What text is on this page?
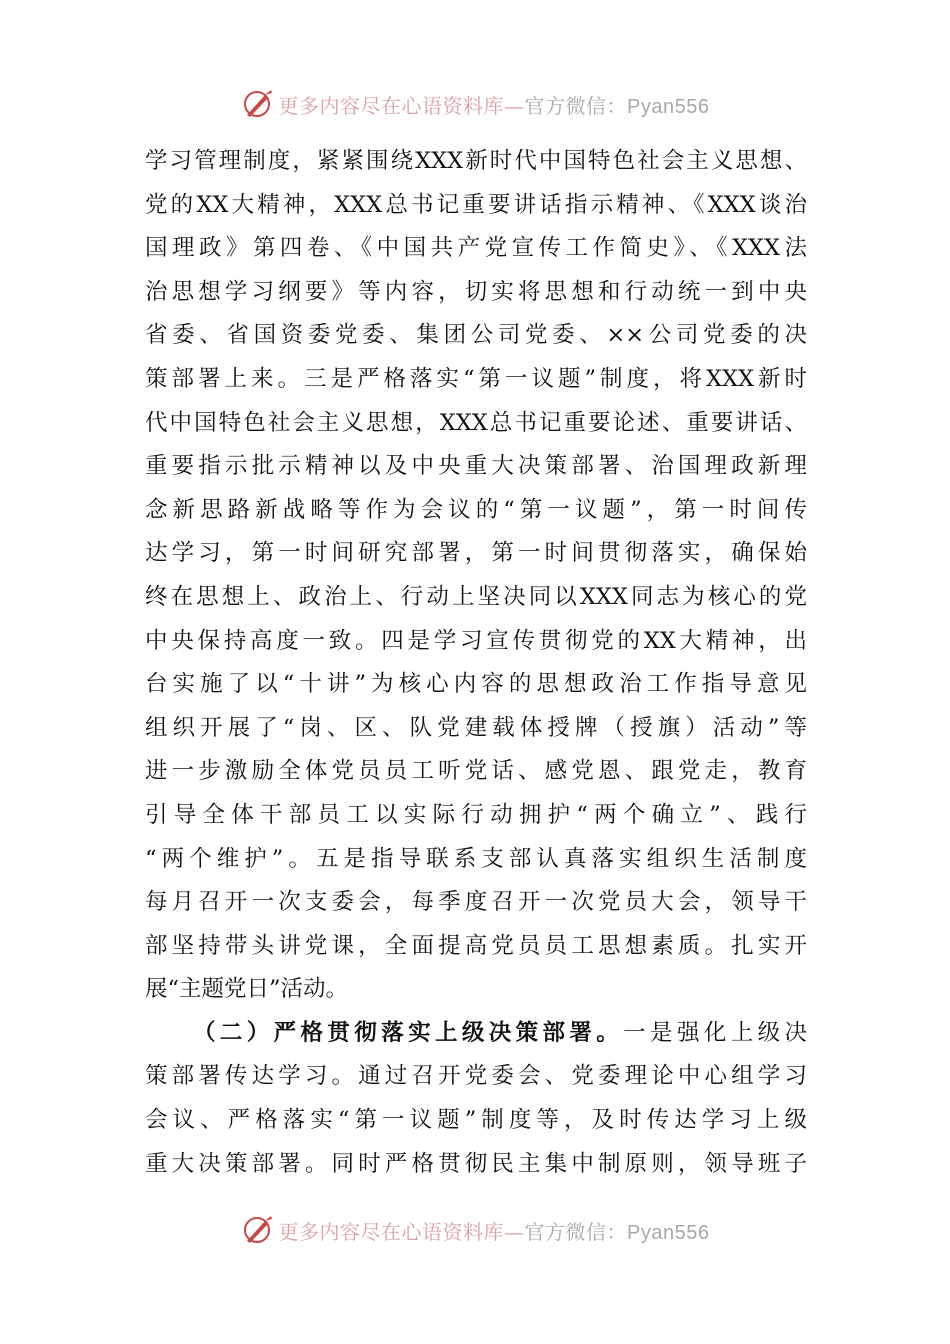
更多内容尽在心语资料库—官方微信：Pyan556
学习管理制度，紧紧围绕XXX新时代中国特色社会主义思想、
党的XX大精神，XXX总书记重要讲话指示精神、《XXX谈治
国理政》第四卷、《中国共产党宣传工作简史》、《XXX法
治思想学习纲要》等内容，切实将思想和行动统一到中央
省委、省国资委党委、集团公司党委、××公司党委的决
策部署上来。三是严格落实“第一议题”制度，将XXX新时
代中国特色社会主义思想，XXX总书记重要论述、重要讲话、
重要指示批示精神以及中央重大决策部署、治国理政新理
念新思路新战略等作为会议的“第一议题”，第一时间传
达学习，第一时间研究部署，第一时间贯彻落实，确保始
终在思想上、政治上、行动上坚决同以XXX同志为核心的党
中央保持高度一致。四是学习宣传贯彻党的XX大精神，出
台实施了以“十讲”为核心内容的思想政治工作指导意见
组织开展了“岗、区、队党建载体授牌（授旗）活动”等
进一步激励全体党员员工听党话、感党恩、跟党走，教育
引导全体干部员工以实际行动拥护“两个确立”、践行
“两个维护”。五是指导联系支部认真落实组织生活制度
每月召开一次支委会，每季度召开一次党员大会，领导干
部坚持带头讲党课，全面提高党员员工思想素质。扎实开
展“主题党日”活动。
（二）严格贯彻落实上级决策部署。一是强化上级决
策部署传达学习。通过召开党委会、党委理论中心组学习
会议、严格落实“第一议题”制度等，及时传达学习上级
重大决策部署。同时严格贯彻民主集中制原则，领导班子
更多内容尽在心语资料库—官方微信：Pyan556
